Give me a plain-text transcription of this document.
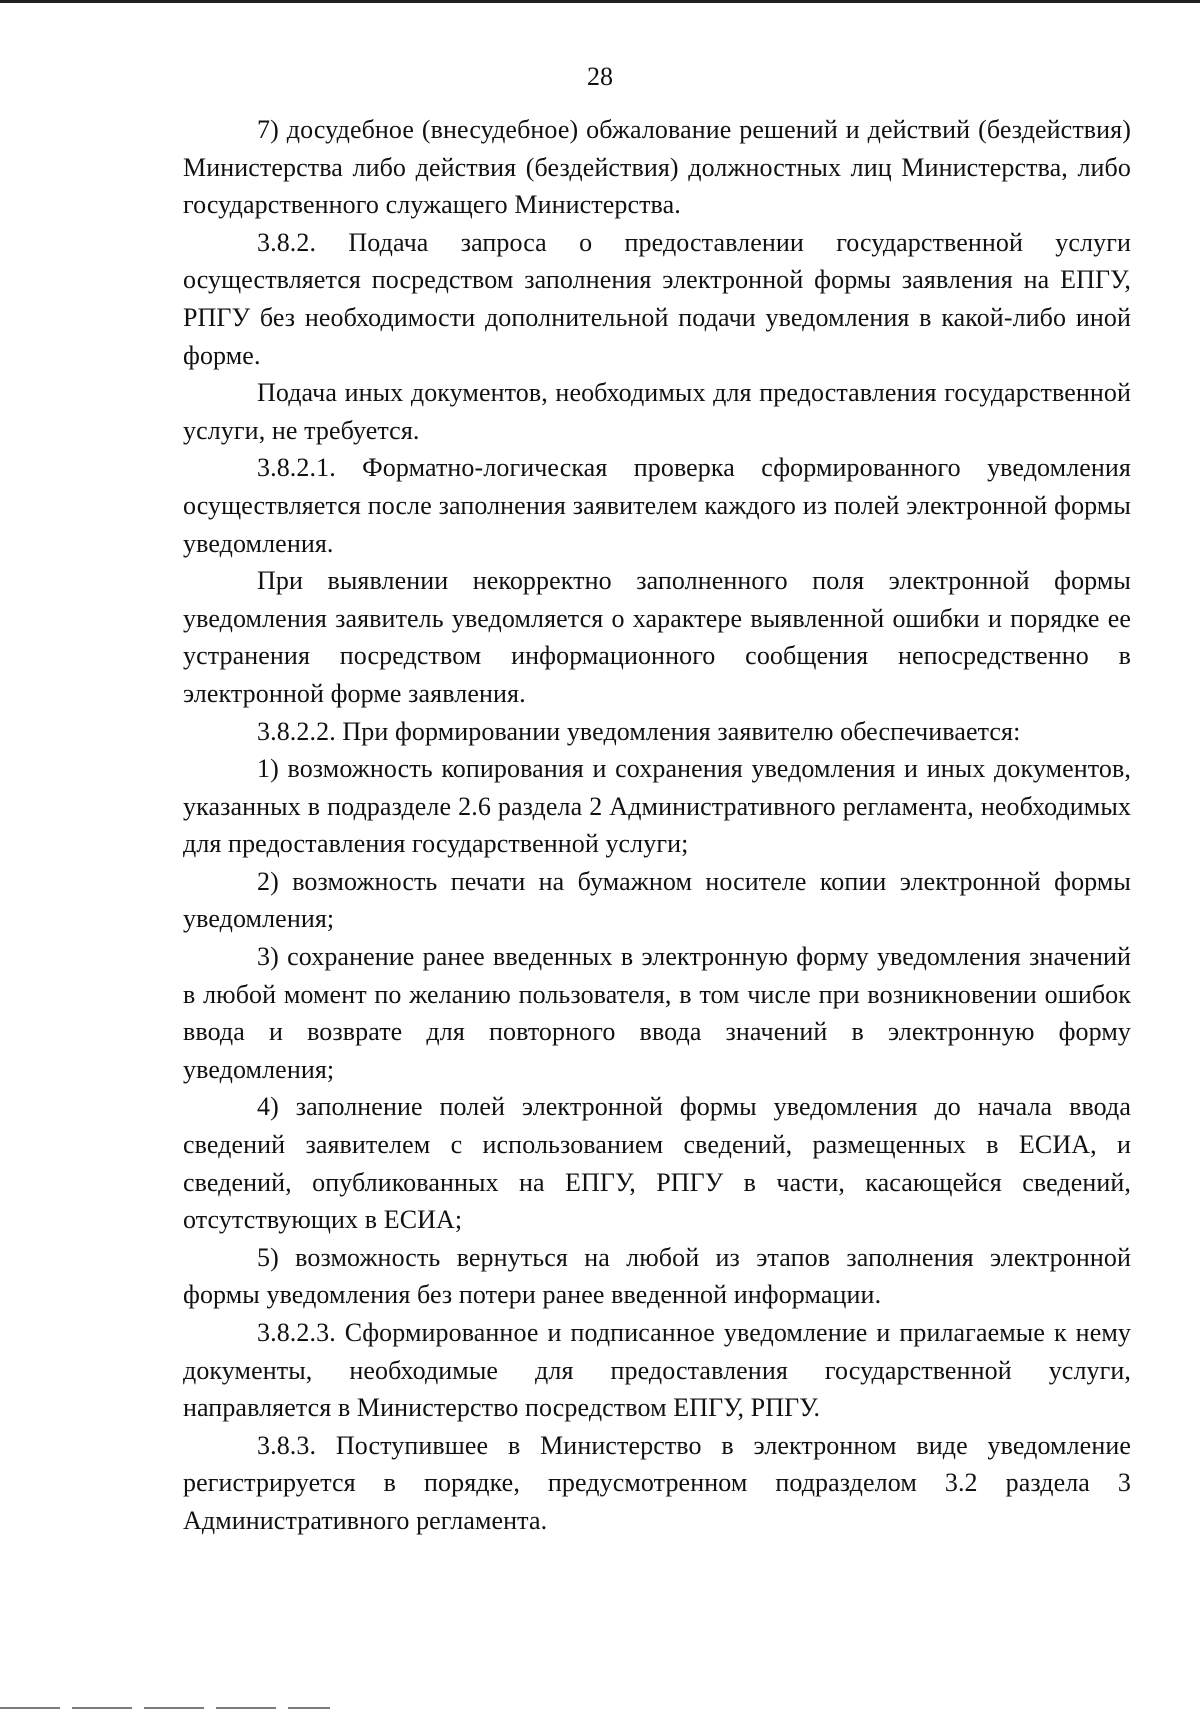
28

7) досудебное (внесудебное) обжалование решений и действий (бездействия) Министерства либо действия (бездействия) должностных лиц Министерства, либо государственного служащего Министерства.

3.8.2. Подача запроса о предоставлении государственной услуги осуществляется посредством заполнения электронной формы заявления на ЕПГУ, РПГУ без необходимости дополнительной подачи уведомления в какой-либо иной форме.

Подача иных документов, необходимых для предоставления государственной услуги, не требуется.

3.8.2.1. Форматно-логическая проверка сформированного уведомления осуществляется после заполнения заявителем каждого из полей электронной формы уведомления.

При выявлении некорректно заполненного поля электронной формы уведомления заявитель уведомляется о характере выявленной ошибки и порядке ее устранения посредством информационного сообщения непосредственно в электронной форме заявления.

3.8.2.2. При формировании уведомления заявителю обеспечивается:

1) возможность копирования и сохранения уведомления и иных документов, указанных в подразделе 2.6 раздела 2 Административного регламента, необходимых для предоставления государственной услуги;

2) возможность печати на бумажном носителе копии электронной формы уведомления;

3) сохранение ранее введенных в электронную форму уведомления значений в любой момент по желанию пользователя, в том числе при возникновении ошибок ввода и возврате для повторного ввода значений в электронную форму уведомления;

4) заполнение полей электронной формы уведомления до начала ввода сведений заявителем с использованием сведений, размещенных в ЕСИА, и сведений, опубликованных на ЕПГУ, РПГУ в части, касающейся сведений, отсутствующих в ЕСИА;

5) возможность вернуться на любой из этапов заполнения электронной формы уведомления без потери ранее введенной информации.

3.8.2.3. Сформированное и подписанное уведомление и прилагаемые к нему документы, необходимые для предоставления государственной услуги, направляется в Министерство посредством ЕПГУ, РПГУ.

3.8.3. Поступившее в Министерство в электронном виде уведомление регистрируется в порядке, предусмотренном подразделом 3.2 раздела 3 Административного регламента.
